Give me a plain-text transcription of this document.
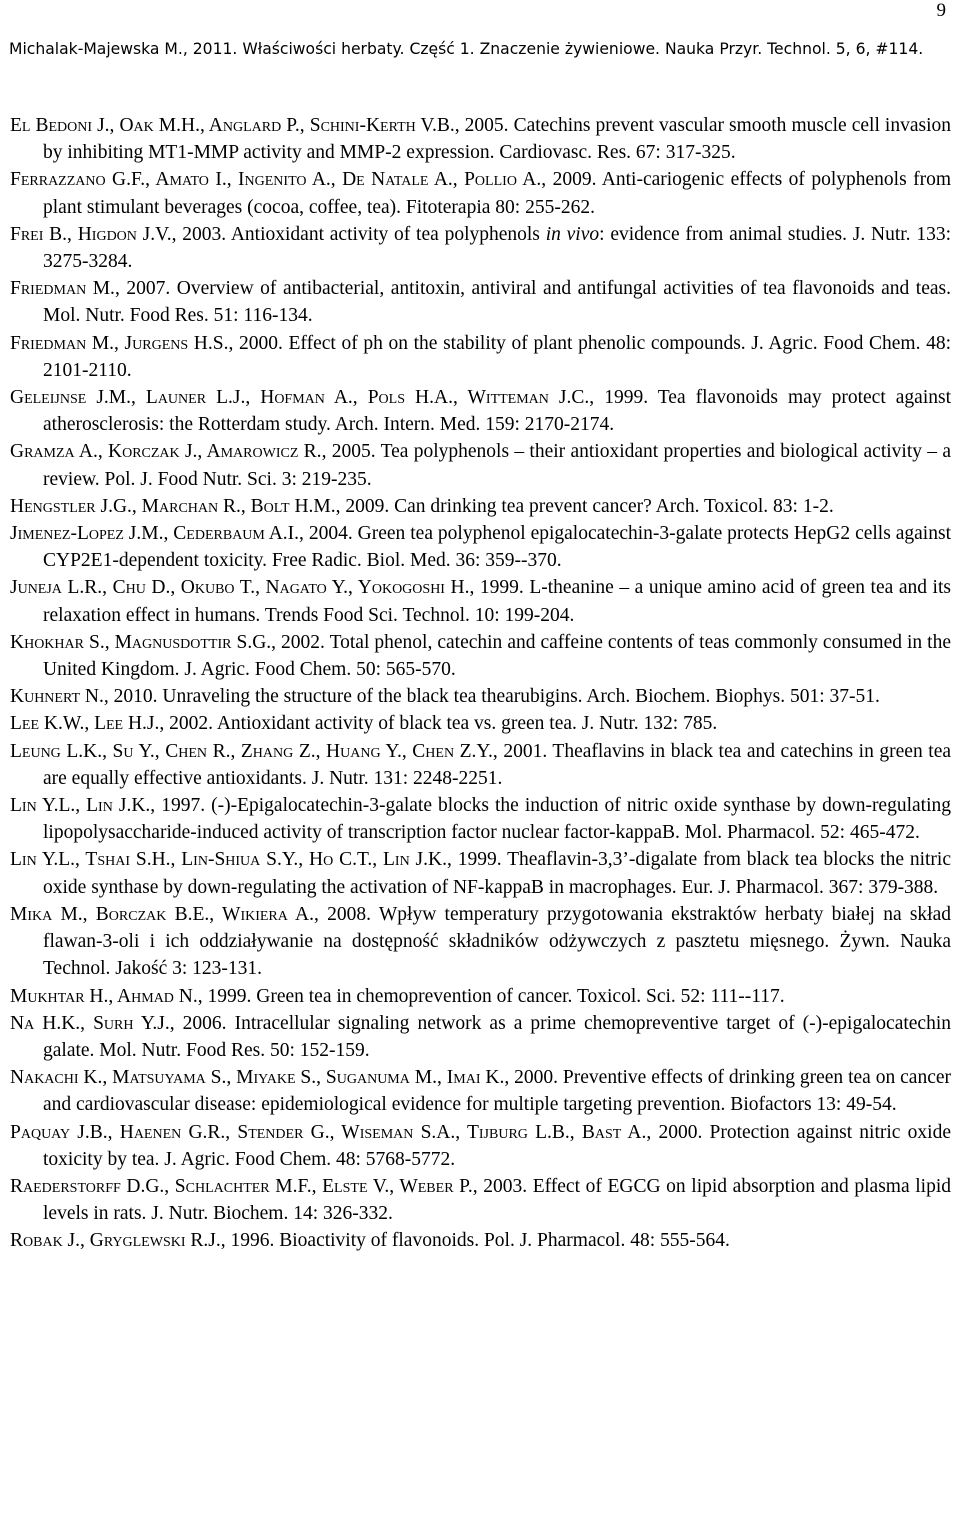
9
Michalak-Majewska M., 2011. Właściwości herbaty. Część 1. Znaczenie żywieniowe. Nauka Przyr. Technol. 5, 6, #114.

El Bedoni J., Oak M.H., Anglard P., Schini-Kerth V.B., 2005. Catechins prevent vascular smooth muscle cell invasion by inhibiting MT1-MMP activity and MMP-2 expression. Cardiovasc. Res. 67: 317-325.

Ferrazzano G.F., Amato I., Ingenito A., De Natale A., Pollio A., 2009. Anti-cariogenic effects of polyphenols from plant stimulant beverages (cocoa, coffee, tea). Fitoterapia 80: 255-262.

Frei B., Higdon J.V., 2003. Antioxidant activity of tea polyphenols in vivo: evidence from animal studies. J. Nutr. 133: 3275-3284.

Friedman M., 2007. Overview of antibacterial, antitoxin, antiviral and antifungal activities of tea flavonoids and teas. Mol. Nutr. Food Res. 51: 116-134.

Friedman M., Jurgens H.S., 2000. Effect of ph on the stability of plant phenolic compounds. J. Agric. Food Chem. 48: 2101-2110.

Geleijnse J.M., Launer L.J., Hofman A., Pols H.A., Witteman J.C., 1999. Tea flavonoids may protect against atherosclerosis: the Rotterdam study. Arch. Intern. Med. 159: 2170-2174.

Gramza A., Korczak J., Amarowicz R., 2005. Tea polyphenols – their antioxidant properties and biological activity – a review. Pol. J. Food Nutr. Sci. 3: 219-235.

Hengstler J.G., Marchan R., Bolt H.M., 2009. Can drinking tea prevent cancer? Arch. Toxicol. 83: 1-2.

Jimenez-Lopez J.M., Cederbaum A.I., 2004. Green tea polyphenol epigalocatechin-3-galate protects HepG2 cells against CYP2E1-dependent toxicity. Free Radic. Biol. Med. 36: 359--370.

Juneja L.R., Chu D., Okubo T., Nagato Y., Yokogoshi H., 1999. L-theanine – a unique amino acid of green tea and its relaxation effect in humans. Trends Food Sci. Technol. 10: 199-204.

Khokhar S., Magnusdottir S.G., 2002. Total phenol, catechin and caffeine contents of teas commonly consumed in the United Kingdom. J. Agric. Food Chem. 50: 565-570.

Kuhnert N., 2010. Unraveling the structure of the black tea thearubigins. Arch. Biochem. Biophys. 501: 37-51.

Lee K.W., Lee H.J., 2002. Antioxidant activity of black tea vs. green tea. J. Nutr. 132: 785.

Leung L.K., Su Y., Chen R., Zhang Z., Huang Y., Chen Z.Y., 2001. Theaflavins in black tea and catechins in green tea are equally effective antioxidants. J. Nutr. 131: 2248-2251.

Lin Y.L., Lin J.K., 1997. (-)-Epigalocatechin-3-galate blocks the induction of nitric oxide synthase by down-regulating lipopolysaccharide-induced activity of transcription factor nuclear factor-kappaB. Mol. Pharmacol. 52: 465-472.

Lin Y.L., Tshai S.H., Lin-Shiua S.Y., Ho C.T., Lin J.K., 1999. Theaflavin-3,3’-digalate from black tea blocks the nitric oxide synthase by down-regulating the activation of NF-kappaB in macrophages. Eur. J. Pharmacol. 367: 379-388.

Mika M., Borczak B.E., Wikiera A., 2008. Wpływ temperatury przygotowania ekstraktów herbaty białej na skład flawan-3-oli i ich oddziaływanie na dostępność składników odżywczych z pasztetu mięsnego. Żywn. Nauka Technol. Jakość 3: 123-131.

Mukhtar H., Ahmad N., 1999. Green tea in chemoprevention of cancer. Toxicol. Sci. 52: 111--117.

Na H.K., Surh Y.J., 2006. Intracellular signaling network as a prime chemopreventive target of (-)-epigalocatechin galate. Mol. Nutr. Food Res. 50: 152-159.

Nakachi K., Matsuyama S., Miyake S., Suganuma M., Imai K., 2000. Preventive effects of drinking green tea on cancer and cardiovascular disease: epidemiological evidence for multiple targeting prevention. Biofactors 13: 49-54.

Paquay J.B., Haenen G.R., Stender G., Wiseman S.A., Tijburg L.B., Bast A., 2000. Protection against nitric oxide toxicity by tea. J. Agric. Food Chem. 48: 5768-5772.

Raederstorff D.G., Schlachter M.F., Elste V., Weber P., 2003. Effect of EGCG on lipid absorption and plasma lipid levels in rats. J. Nutr. Biochem. 14: 326-332.

Robak J., Gryglewski R.J., 1996. Bioactivity of flavonoids. Pol. J. Pharmacol. 48: 555-564.
